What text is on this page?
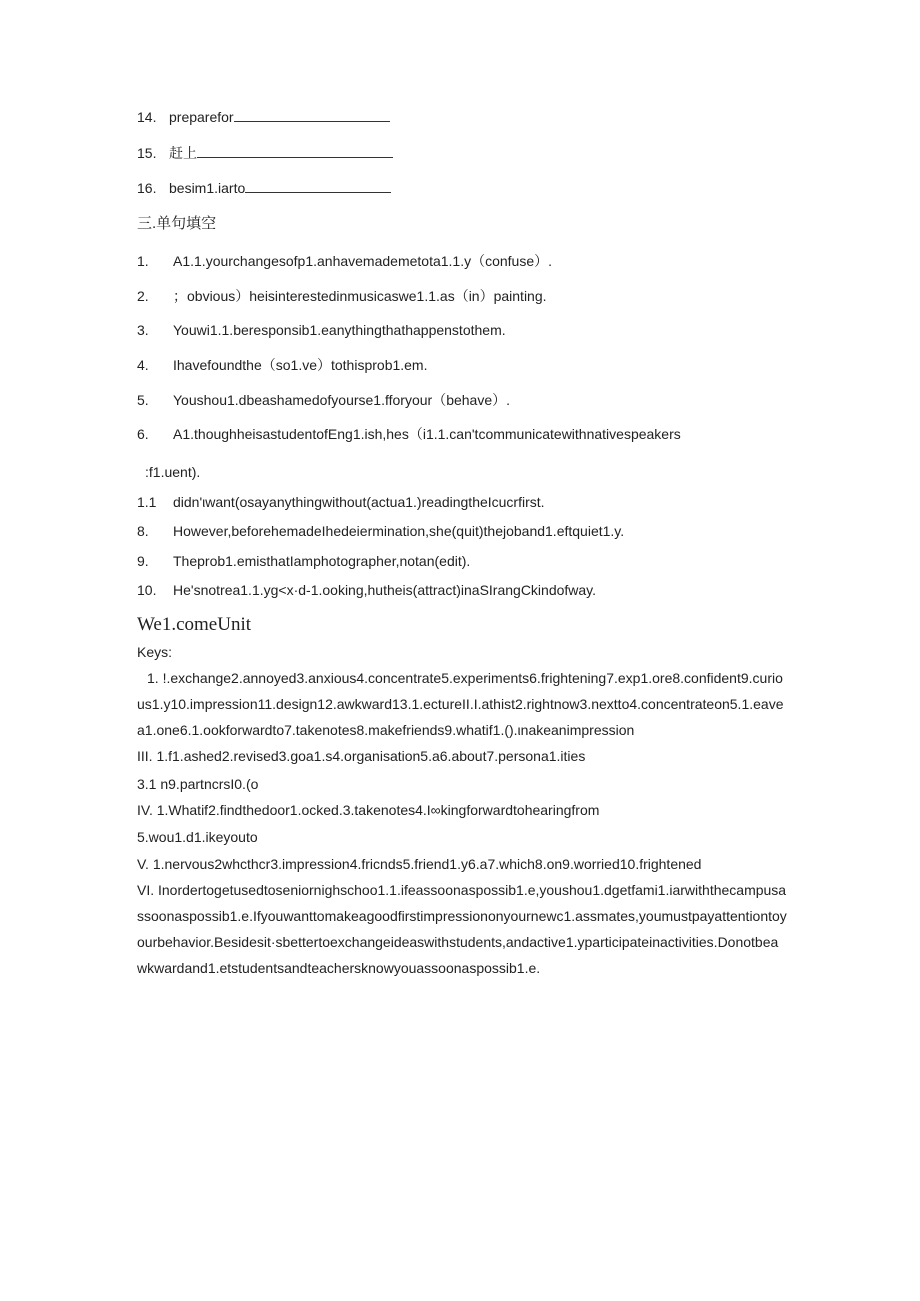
14. preparefor
15. 赶上
16. besim1.iarto
三.单句填空
1. A1.1.yourchangesofp1.anhavemademetota1.1.y（confuse）.
2. ；obvious）heisinterestedinmusicaswe1.1.as（in）painting.
3. Youwi1.1.beresponsib1.eanythingthathappenstothem.
4. Ihavefoundthe（so1.ve）tothisprob1.em.
5. Youshou1.dbeashamedofyourse1.fforyour（behave）.
6. A1.thoughheisastudentofEng1.ish,hes（i1.1.can'tcommunicatewithnativespeakers
:f1.uent).
1.1 didn'ιwant(osayanythingwithout(actua1.)readingtheIcucrfirst.
8. However,beforehemadeIhedeiermination,she(quit)thejoband1.eftquiet1.y.
9. Theprob1.emisthatIamphotographer,notan(edit).
10. He'snotrea1.1.yg<x·d-1.ooking,hutheis(attract)inaSIrangCkindofway.
We1.comeUnit
Keys:
1. !.exchange2.annoyed3.anxious4.concentrate5.experiments6.frightening7.exp1.ore8.confident9.curious1.y10.impression11.design12.awkward13.1.ectureII.I.athist2.rightnow3.nextto4.concentrateon5.1.eavea1.one6.1.ookforwardto7.takenotes8.makefriends9.whatif1.().ιnakeanimpression
III. 1.f1.ashed2.revised3.goa1.s4.organisation5.a6.about7.persona1.ities
3.1 n9.partncrsI0.(o
IV. 1.Whatif2.findthedoor1.ocked.3.takenotes4.I∞kingforwardtohearingfrom
5.wou1.d1.ikeyouto
V. 1.nervous2whcthcr3.impression4.fricnds5.friend1.y6.a7.which8.on9.worried10.frightened
VI. Inordertogetusedtoseniornighschoo1.1.ifeassoonaspossib1.e,youshou1.dgetfami1.iarwiththecampusassoonaspossib1.e.Ifyouwanttomakeagoodfirstimpressiononyournewc1.assmates,youmustpayattentiontoyourbehavior.Besidesit·sbettertoexchangeideaswithstudents,andactive1.yparticipateinactivities.Donotbeawkwardand1.etstudentsandteachersknowyouassoonaspossib1.e.
